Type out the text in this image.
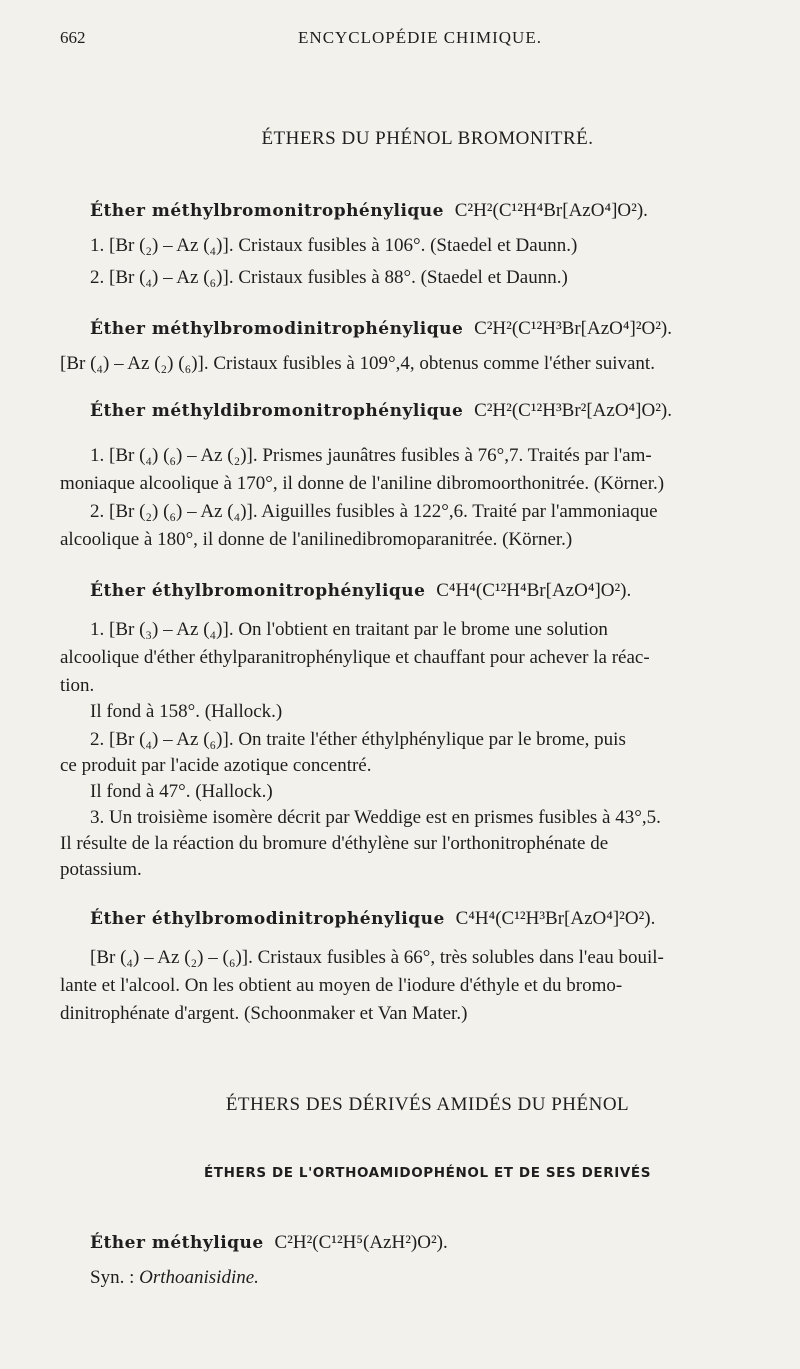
662	ENCYCLOPÉDIE CHIMIQUE.
ÉTHERS DU PHÉNOL BROMONITRÉ.
Éther méthylbromonitrophénylique C²H²(C¹²H⁴Br[AzO⁴]O²).
1. [Br (₂) – Az (₄)]. Cristaux fusibles à 106°. (Staedel et Daunn.)
2. [Br (₄) – Az (₆)]. Cristaux fusibles à 88°. (Staedel et Daunn.)
Éther méthylbromodinitrophénylique C²H²(C¹²H³Br[AzO⁴]²O²).
[Br (₄) – Az (₂) (₆)]. Cristaux fusibles à 109°,4, obtenus comme l'éther suivant.
Éther méthyldibromonitrophénylique C²H²(C¹²H³Br²[AzO⁴]O²).
1. [Br (₄) (₆) – Az (₂)]. Prismes jaunâtres fusibles à 76°,7. Traités par l'am-
moniaque alcoolique à 170°, il donne de l'aniline dibromoorthonitrée. (Körner.)
2. [Br (₂) (₆) – Az (₄)]. Aiguilles fusibles à 122°,6. Traité par l'ammoniaque
alcoolique à 180°, il donne de l'anilinedibromoparanitrée. (Körner.)
Éther éthylbromonitrophénylique C⁴H⁴(C¹²H⁴Br[AzO⁴]O²).
1. [Br (₃) – Az (₄)]. On l'obtient en traitant par le brome une solution
alcoolique d'éther éthylparanitrophénylique et chauffant pour achever la réac-
tion.
Il fond à 158°. (Hallock.)
2. [Br (₄) – Az (₆)]. On traite l'éther éthylphénylique par le brome, puis
ce produit par l'acide azotique concentré.
Il fond à 47°. (Hallock.)
3. Un troisième isomère décrit par Weddige est en prismes fusibles à 43°,5.
Il résulte de la réaction du bromure d'éthylène sur l'orthonitrophénate de
potassium.
Éther éthylbromodinitrophénylique C⁴H⁴(C¹²H³Br[AzO⁴]²O²).
[Br (₄) – Az (₂) – (₆)]. Cristaux fusibles à 66°, très solubles dans l'eau bouil-
lante et l'alcool. On les obtient au moyen de l'iodure d'éthyle et du bromo-
dinitrophénate d'argent. (Schoonmaker et Van Mater.)
ÉTHERS DES DÉRIVÉS AMIDÉS DU PHÉNOL
ÉTHERS DE L'ORTHOAMIDOPHÉNOL ET DE SES DERIVÉS
Éther méthylique C²H²(C¹²H⁵(AzH²)O²).
Syn. : Orthoanisidine.
